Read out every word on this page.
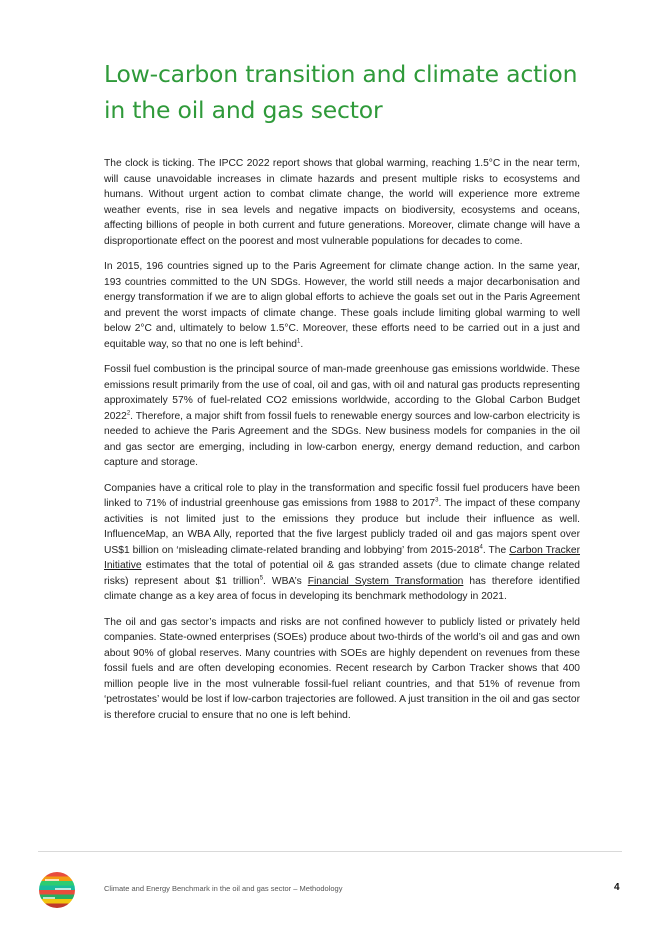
Low-carbon transition and climate action in the oil and gas sector

The clock is ticking. The IPCC 2022 report shows that global warming, reaching 1.5°C in the near term, will cause unavoidable increases in climate hazards and present multiple risks to ecosystems and humans. Without urgent action to combat climate change, the world will experience more extreme weather events, rise in sea levels and negative impacts on biodiversity, ecosystems and oceans, affecting billions of people in both current and future generations. Moreover, climate change will have a disproportionate effect on the poorest and most vulnerable populations for decades to come.

In 2015, 196 countries signed up to the Paris Agreement for climate change action. In the same year, 193 countries committed to the UN SDGs. However, the world still needs a major decarbonisation and energy transformation if we are to align global efforts to achieve the goals set out in the Paris Agreement and prevent the worst impacts of climate change. These goals include limiting global warming to well below 2°C and, ultimately to below 1.5°C. Moreover, these efforts need to be carried out in a just and equitable way, so that no one is left behind$^1$.

Fossil fuel combustion is the principal source of man-made greenhouse gas emissions worldwide. These emissions result primarily from the use of coal, oil and gas, with oil and natural gas products representing approximately 57% of fuel-related CO2 emissions worldwide, according to the Global Carbon Budget 2022$^2$. Therefore, a major shift from fossil fuels to renewable energy sources and low-carbon electricity is needed to achieve the Paris Agreement and the SDGs. New business models for companies in the oil and gas sector are emerging, including in low-carbon energy, energy demand reduction, and carbon capture and storage.

Companies have a critical role to play in the transformation and specific fossil fuel producers have been linked to 71% of industrial greenhouse gas emissions from 1988 to 2017$^3$. The impact of these company activities is not limited just to the emissions they produce but include their influence as well. InfluenceMap, an WBA Ally, reported that the five largest publicly traded oil and gas majors spent over US$1 billion on ‘misleading climate-related branding and lobbying’ from 2015-2018$^4$. The Carbon Tracker Initiative estimates that the total of potential oil & gas stranded assets (due to climate change related risks) represent about $1 trillion$^5$. WBA’s Financial System Transformation has therefore identified climate change as a key area of focus in developing its benchmark methodology in 2021.

The oil and gas sector’s impacts and risks are not confined however to publicly listed or privately held companies. State-owned enterprises (SOEs) produce about two-thirds of the world’s oil and gas and own about 90% of global reserves. Many countries with SOEs are highly dependent on revenues from these fossil fuels and are often developing economies. Recent research by Carbon Tracker shows that 400 million people live in the most vulnerable fossil-fuel reliant countries, and that 51% of revenue from ‘petrostates’ would be lost if low-carbon trajectories are followed. A just transition in the oil and gas sector is therefore crucial to ensure that no one is left behind.

Climate and Energy Benchmark in the oil and gas sector – Methodology	4
